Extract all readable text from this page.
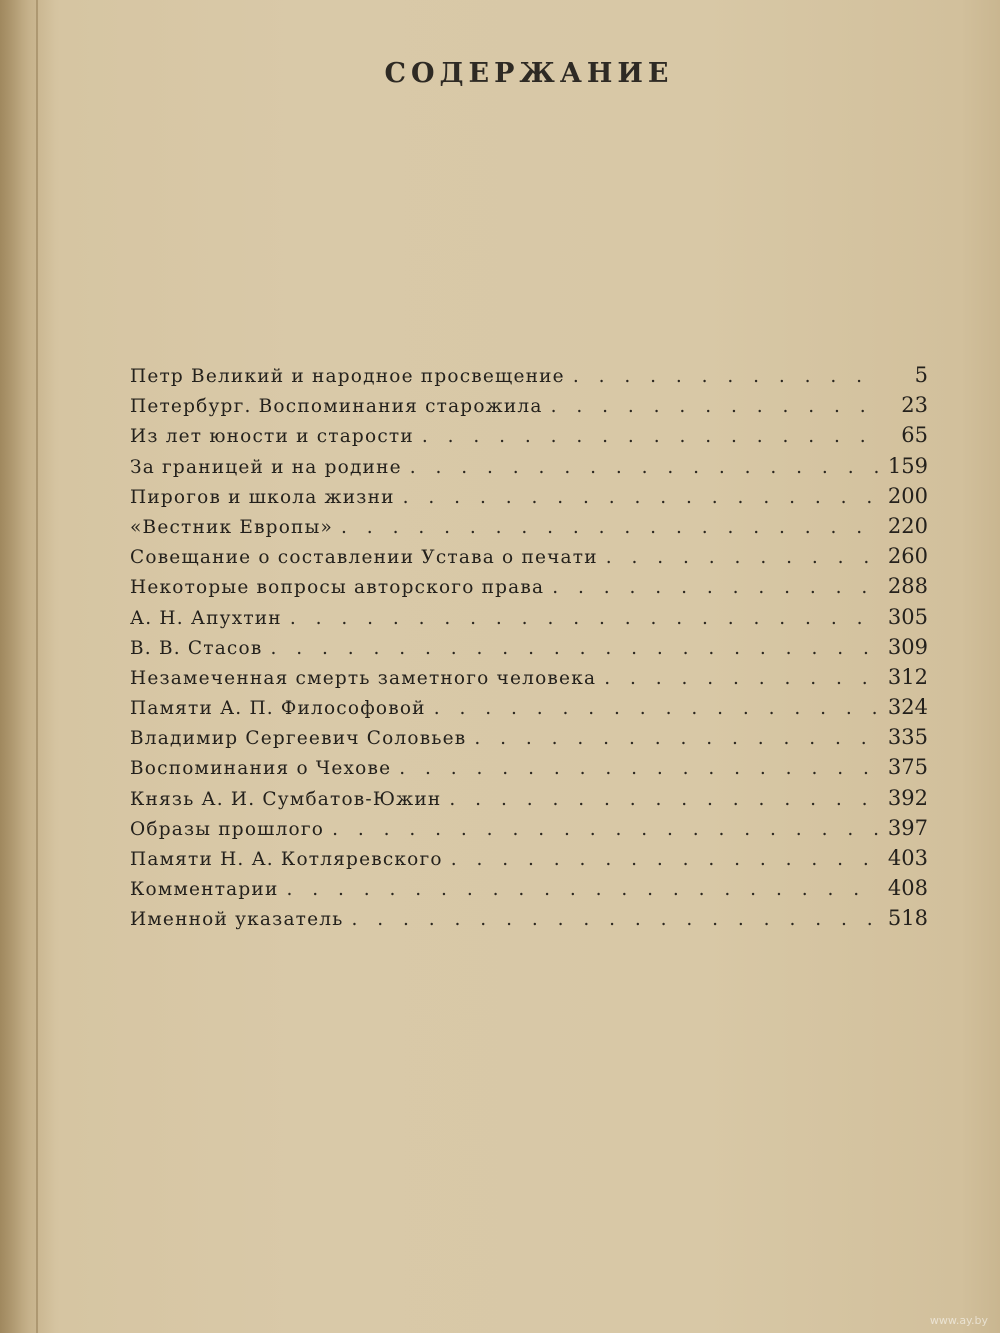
СОДЕРЖАНИЕ
Петр Великий и народное просвещение . . .	5
Петербург. Воспоминания старожила . . .	23
Из лет юности и старости . . .	65
За границей и на родине . . .	159
Пирогов и школа жизни . . .	200
«Вестник Европы» . . .	220
Совещание о составлении Устава о печати . . .	260
Некоторые вопросы авторского права . . .	288
А. Н. Апухтин . . .	305
В. В. Стасов . . .	309
Незамеченная смерть заметного человека . . .	312
Памяти А. П. Философовой . . .	324
Владимир Сергеевич Соловьев . . .	335
Воспоминания о Чехове . . .	375
Князь А. И. Сумбатов-Южин . . .	392
Образы прошлого . . .	397
Памяти Н. А. Котляревского . . .	403
Комментарии . . .	408
Именной указатель . . .	518
www.ay.by
